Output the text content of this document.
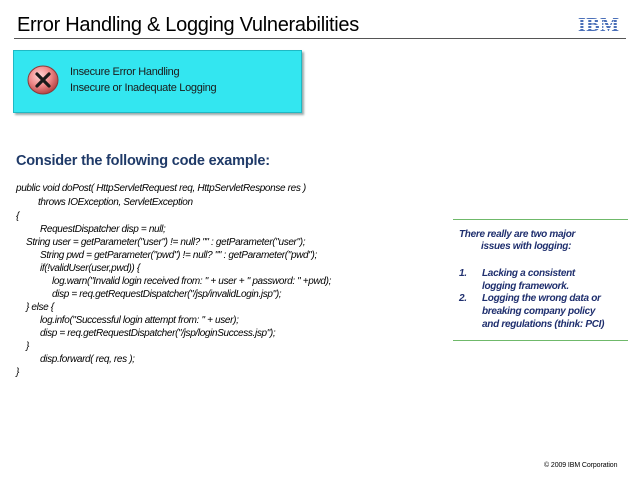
Error Handling & Logging Vulnerabilities	IBM
Insecure Error Handling
Insecure or Inadequate Logging
Consider the following code example:
public void doPost( HttpServletRequest req, HttpServletResponse res )
throws IOException, ServletException
{
RequestDispatcher disp = null;
String user = getParameter("user") != null? "" : getParameter("user");
String pwd = getParameter("pwd") != null? "" : getParameter("pwd");
if(!validUser(user,pwd)) {
log.warn("Invalid login received from: " + user + " password: " +pwd);
disp = req.getRequestDispatcher("/jsp/invalidLogin.jsp");
} else {
log.info("Successful login attempt from: " + user);
disp = req.getRequestDispatcher("/jsp/loginSuccess.jsp");
}
disp.forward( req, res );
}
There really are two major
issues with logging:
1. Lacking a consistent
logging framework.
2. Logging the wrong data or
breaking company policy
and regulations (think: PCI)
© 2009 IBM Corporation
